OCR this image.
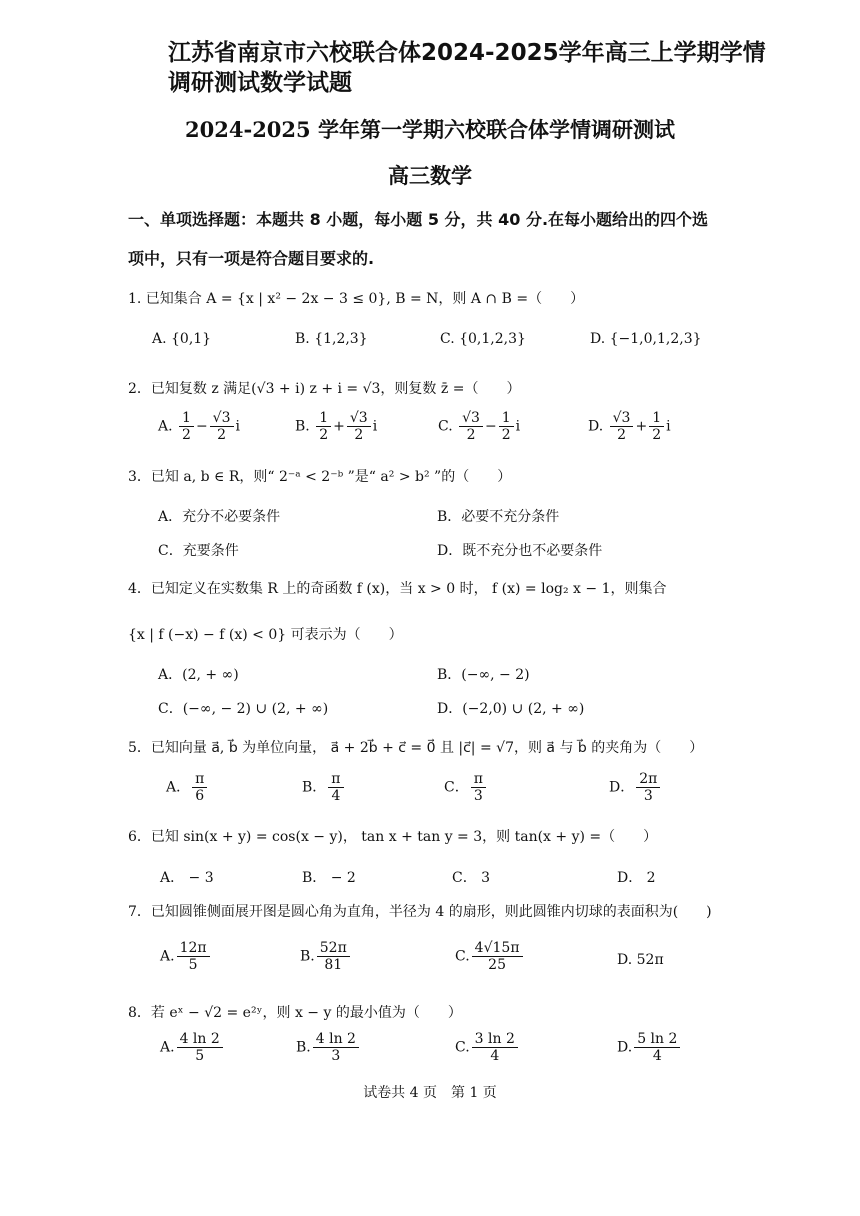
江苏省南京市六校联合体2024-2025学年高三上学期学情
调研测试数学试题
2024-2025 学年第一学期六校联合体学情调研测试
高三数学
一、单项选择题：本题共 8 小题，每小题 5 分，共 40 分.在每小题给出的四个选
项中，只有一项是符合题目要求的.
1. 已知集合 A = {x | x² − 2x − 3 ≤ 0}, B = N，则 A ∩ B =（　　）
A. {0,1}	B. {1,2,3}	C. {0,1,2,3}	D. {−1,0,1,2,3}
2．已知复数 z 满足(√3 + i) z + i = √3，则复数 z̄ =（　　）
A. $\frac{1}{2} - \frac{√3}{2}$ i	B. $\frac{1}{2} + \frac{√3}{2}$ i	C. $\frac{√3}{2} - \frac{1}{2}$ i	D. $\frac{√3}{2} + \frac{1}{2}$ i
3．已知 a, b ∈ R，则“ 2⁻ᵃ < 2⁻ᵇ ”是“ a² > b² ”的（　　）
A．充分不必要条件	B．必要不充分条件
C．充要条件	D．既不充分也不必要条件
4．已知定义在实数集 R 上的奇函数 f (x)，当 x > 0 时， f (x) = log₂ x − 1，则集合
{x | f (−x) − f (x) < 0} 可表示为（　　）
A．(2, + ∞)	B．(−∞, − 2)
C．(−∞, − 2) ∪ (2, + ∞)	D．(−2,0) ∪ (2, + ∞)
5．已知向量 a⃗, b⃗ 为单位向量， a⃗ + 2b⃗ + c⃗ = 0⃗ 且 |c⃗| = √7，则 a⃗ 与 b⃗ 的夹角为（　　）
A． $\frac{\pi}{6}$	B． $\frac{\pi}{4}$	C． $\frac{\pi}{3}$	D． $\frac{2\pi}{3}$
6．已知 sin(x + y) = cos(x − y)， tan x + tan y = 3，则 tan(x + y) =（　　）
A． − 3	B． − 2	C． 3	D． 2
7．已知圆锥侧面展开图是圆心角为直角，半径为 4 的扇形，则此圆锥内切球的表面积为(　　)
A. $\frac{12\pi}{5}$	B. $\frac{52\pi}{81}$	C. $\frac{4√15\pi}{25}$	D. 52π
8．若 eˣ − √2 = e²ʸ，则 x − y 的最小值为（　　）
A. $\frac{4 \ln 2}{5}$	B. $\frac{4 \ln 2}{3}$	C. $\frac{3 \ln 2}{4}$	D. $\frac{5 \ln 2}{4}$
试卷共 4 页　第 1 页
